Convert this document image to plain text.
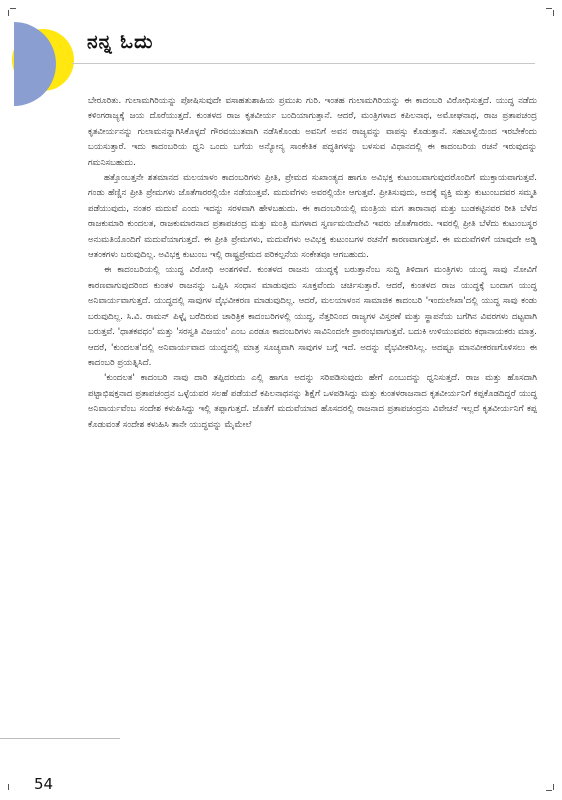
ನನ್ನ ಓದು

ಬೇರೂರಿತು. ಗುಲಾಮಗಿರಿಯನ್ನು ಪೋಷಿಸುವುದೇ ವಸಾಹತುಶಾಹಿಯ ಪ್ರಮುಖ ಗುರಿ. ಇಂತಹ ಗುಲಾಮಗಿರಿಯನ್ನು ಈ ಕಾದಂಬರಿ ವಿರೋಧಿಸುತ್ತದೆ. ಯುದ್ಧ ನಡೆದು ಕಳಿಂಗರಾಜ್ಯಕ್ಕೆ ಜಯ ದೊರೆಯುತ್ತದೆ. ಕುಂತಳದ ರಾಜ ಕೃತವೀರ್ಯ ಬಂದಿಯಾಗುತ್ತಾನೆ. ಆದರೆ, ಮಂತ್ರಿಗಳಾದ ಕಪಿಲನಾಥ, ಅಮೋಘನಾಥ, ರಾಜ ಪ್ರತಾಪಚಂದ್ರ ಕೃತವೀರ್ಯನನ್ನು ಗುಲಾಮನನ್ನಾಗಿಸಿಕೊಳ್ಳದೆ ಗೌರವಯುತವಾಗಿ ನಡೆಸಿಕೊಂಡು ಅವನಿಗೆ ಅವನ ರಾಜ್ಯವನ್ನು ವಾಪಸ್ಸು ಕೊಡುತ್ತಾನೆ. ಸಹಬಾಳ್ವೆಯಿಂದ ಇರಬೇಕೆಂದು ಬಯಸುತ್ತಾರೆ. ಇದು ಕಾದಂಬರಿಯ ಧ್ವನಿ ಒಂದು ಬಗೆಯ ಅನ್ಯೋನ್ಯ ಸಾಂಕೇತಿಕ ಪದ್ಧತಿಗಳನ್ನು ಬಳಸುವ ವಿಧಾನದಲ್ಲಿ ಈ ಕಾದಂಬರಿಯ ರಚನೆ ಇರುವುದನ್ನು ಗಮನಿಸಬಹುದು.

ಹತ್ತೊಂಬತ್ತನೇ ಶತಮಾನದ ಮಲಯಾಳಂ ಕಾದಂಬರಿಗಳು ಪ್ರೀತಿ, ಪ್ರೇಮದ ಸುಖಾಂತ್ಯದ ಹಾಗೂ ಅವಿಭಕ್ತ ಕುಟುಂಬವಾಗುವುದರೊಂದಿಗೆ ಮುಕ್ತಾಯವಾಗುತ್ತವೆ. ಗಂಡು ಹೆಣ್ಣಿನ ಪ್ರೀತಿ ಪ್ರೇಮಗಳು ಜೊತೆಗಾರರಲ್ಲಿಯೇ ನಡೆಯುತ್ತವೆ. ಮದುವೆಗಳು ಅವರಲ್ಲಿಯೇ ಆಗುತ್ತವೆ. ಪ್ರೀತಿಸುವುದು, ಅದಕ್ಕೆ ವ್ಯಕ್ತಿ ಮತ್ತು ಕುಟುಂಬದವರ ಸಮ್ಮತಿ ಪಡೆಯುವುದು, ನಂತರ ಮದುವೆ ಎಂದು ಇದನ್ನು ಸರಳವಾಗಿ ಹೇಳಬಹುದು. ಈ ಕಾದಂಬರಿಯಲ್ಲಿ ಮಂತ್ರಿಯ ಮಗ ತಾರಾನಾಥ ಮತ್ತು ಬುಡಕಟ್ಟಿನವರ ರೀತಿ ಬೆಳೆದ ರಾಜಕುಮಾರಿ ಕುಂದಲತ, ರಾಜಕುಮಾರನಾದ ಪ್ರತಾಪಚಂದ್ರ ಮತ್ತು ಮಂತ್ರಿ ಮಗಳಾದ ಸ್ವರ್ಣಮಯಿದೇವಿ ಇವರು ಜೊತೆಗಾರರು. ಇವರಲ್ಲಿ ಪ್ರೀತಿ ಬೆಳೆದು ಕುಟುಂಬಸ್ಥರ ಅನುಮತಿಯೊಂದಿಗೆ ಮದುವೆಯಾಗುತ್ತದೆ. ಈ ಪ್ರೀತಿ ಪ್ರೇಮಗಳು, ಮದುವೆಗಳು ಅವಿಭಕ್ತ ಕುಟುಂಬಗಳ ರಚನೆಗೆ ಕಾರಣವಾಗುತ್ತವೆ. ಈ ಮದುವೆಗಳಿಗೆ ಯಾವುದೇ ಅಡ್ಡಿ ಆತಂಕಗಳು ಬರುವುದಿಲ್ಲ. ಅವಿಭಕ್ತ ಕುಟುಂಬ ಇಲ್ಲಿ ರಾಷ್ಟ್ರಪ್ರೇಮದ ಪರಿಕಲ್ಪನೆಯ ಸಂಕೇತವೂ ಆಗಬಹುದು.

ಈ ಕಾದಂಬರಿಯಲ್ಲಿ ಯುದ್ಧ ವಿರೋಧಿ ಅಂಶಗಳಿವೆ. ಕುಂತಳದ ರಾಜನು ಯುದ್ಧಕ್ಕೆ ಬರುತ್ತಾನೆಂಬ ಸುದ್ದಿ ತಿಳಿದಾಗ ಮಂತ್ರಿಗಳು ಯುದ್ಧ ಸಾವು ನೋವಿಗೆ ಕಾರಣವಾಗುವುದರಿಂದ ಕುಂತಳ ರಾಜನನ್ನು ಒಪ್ಪಿಸಿ ಸಂಧಾನ ಮಾಡುವುದು ಸೂಕ್ತವೆಂದು ಚರ್ಚಿಸುತ್ತಾರೆ. ಆದರೆ, ಕುಂತಳದ ರಾಜ ಯುದ್ಧಕ್ಕೆ ಬಂದಾಗ ಯುದ್ಧ ಅನಿವಾರ್ಯವಾಗುತ್ತದೆ. ಯುದ್ಧದಲ್ಲಿ ಸಾವುಗಳ ವೈಭವೀಕರಣ ಮಾಡುವುದಿಲ್ಲ. ಆದರೆ, ಮಲಯಾಳಂನ ಸಾಮಾಜಿಕ ಕಾದಂಬರಿ 'ಇಂದುಲೇಖಾ'ದಲ್ಲಿ ಯುದ್ಧ ಸಾವು ಕಂಡು ಬರುವುದಿಲ್ಲ. ಸಿ.ವಿ. ರಾಮನ್ ಪಿಳ್ಳೈ ಬರೆದಿರುವ ಚಾರಿತ್ರಿಕ ಕಾದಂಬರಿಗಳಲ್ಲಿ ಯುದ್ಧ, ನೆತ್ತರಿನಿಂದ ರಾಜ್ಯಗಳ ವಿಸ್ತರಣೆ ಮತ್ತು ಸ್ಥಾಪನೆಯ ಬಗೆಗಿನ ವಿವರಗಳು ದಟ್ಟವಾಗಿ ಬರುತ್ತವೆ. 'ಧಾತಕವಧಂ' ಮತ್ತು 'ಸರಸ್ವತಿ ವಿಜಯಂ' ಎಂಬ ಎರಡೂ ಕಾದಂಬರಿಗಳು ಸಾವಿನಿಂದಲೇ ಪ್ರಾರಂಭವಾಗುತ್ತವೆ. ಬದುಕಿ ಉಳಿಯುವವರು ಕಥಾನಾಯಕರು ಮಾತ್ರ. ಆದರೆ, 'ಕುಂದಲತ'ದಲ್ಲಿ ಅನಿವಾರ್ಯವಾದ ಯುದ್ಧದಲ್ಲಿ ಮಾತ್ರ ಸೂಚ್ಯವಾಗಿ ಸಾವುಗಳ ಬಗ್ಗೆ ಇದೆ. ಅದನ್ನು ವೈಭವೀಕರಿಸಿಲ್ಲ. ಅದಷ್ಟೂ ಮಾನವೀಕರಣಗೊಳಿಸಲು ಈ ಕಾದಂಬರಿ ಪ್ರಯತ್ನಿಸಿದೆ.

'ಕುಂದಲತ' ಕಾದಂಬರಿ ನಾವು ದಾರಿ ತಪ್ಪಿದರುದು ಎಲ್ಲಿ ಹಾಗೂ ಅದನ್ನು ಸರಿಪಡಿಸುವುದು ಹೇಗೆ ಎಂಬುದನ್ನು ಧ್ವನಿಸುತ್ತದೆ. ರಾಜ ಮತ್ತು ಹೊಸದಾಗಿ ಪಟ್ಟಾಭಿಷಕ್ತನಾದ ಪ್ರತಾಪಚಂದ್ರನ ಒಳ್ಳೆಯವರ ಸಲಹೆ ಪಡೆಯದೆ ಕಪಿಲನಾಥನನ್ನು ಶಿಕ್ಷೆಗೆ ಒಳಪಡಿಸಿದ್ದು ಮತ್ತು ಕುಂತಳರಾಜನಾದ ಕೃತವೀರ್ಯನಿಗೆ ಕಪ್ಪಕೊಡದಿದ್ದರೆ ಯುದ್ಧ ಅನಿವಾರ್ಯವೆಂಬ ಸಂದೇಶ ಕಳುಹಿಸಿದ್ದು ಇಲ್ಲಿ ತಪ್ಪಾಗುತ್ತದೆ. ಜೊತೆಗೆ ಮದುವೆಯಾದ ಹೊಸದರಲ್ಲಿ ರಾಜನಾದ ಪ್ರತಾಪಚಂದ್ರನು ವಿವೇಚನೆ ಇಲ್ಲದೆ ಕೃತವೀರ್ಯನಿಗೆ ಕಪ್ಪ ಕೊಡುವಂತೆ ಸಂದೇಶ ಕಳುಹಿಸಿ ತಾನೇ ಯುದ್ಧವನ್ನು ಮೈಮೇಲೆ

54
